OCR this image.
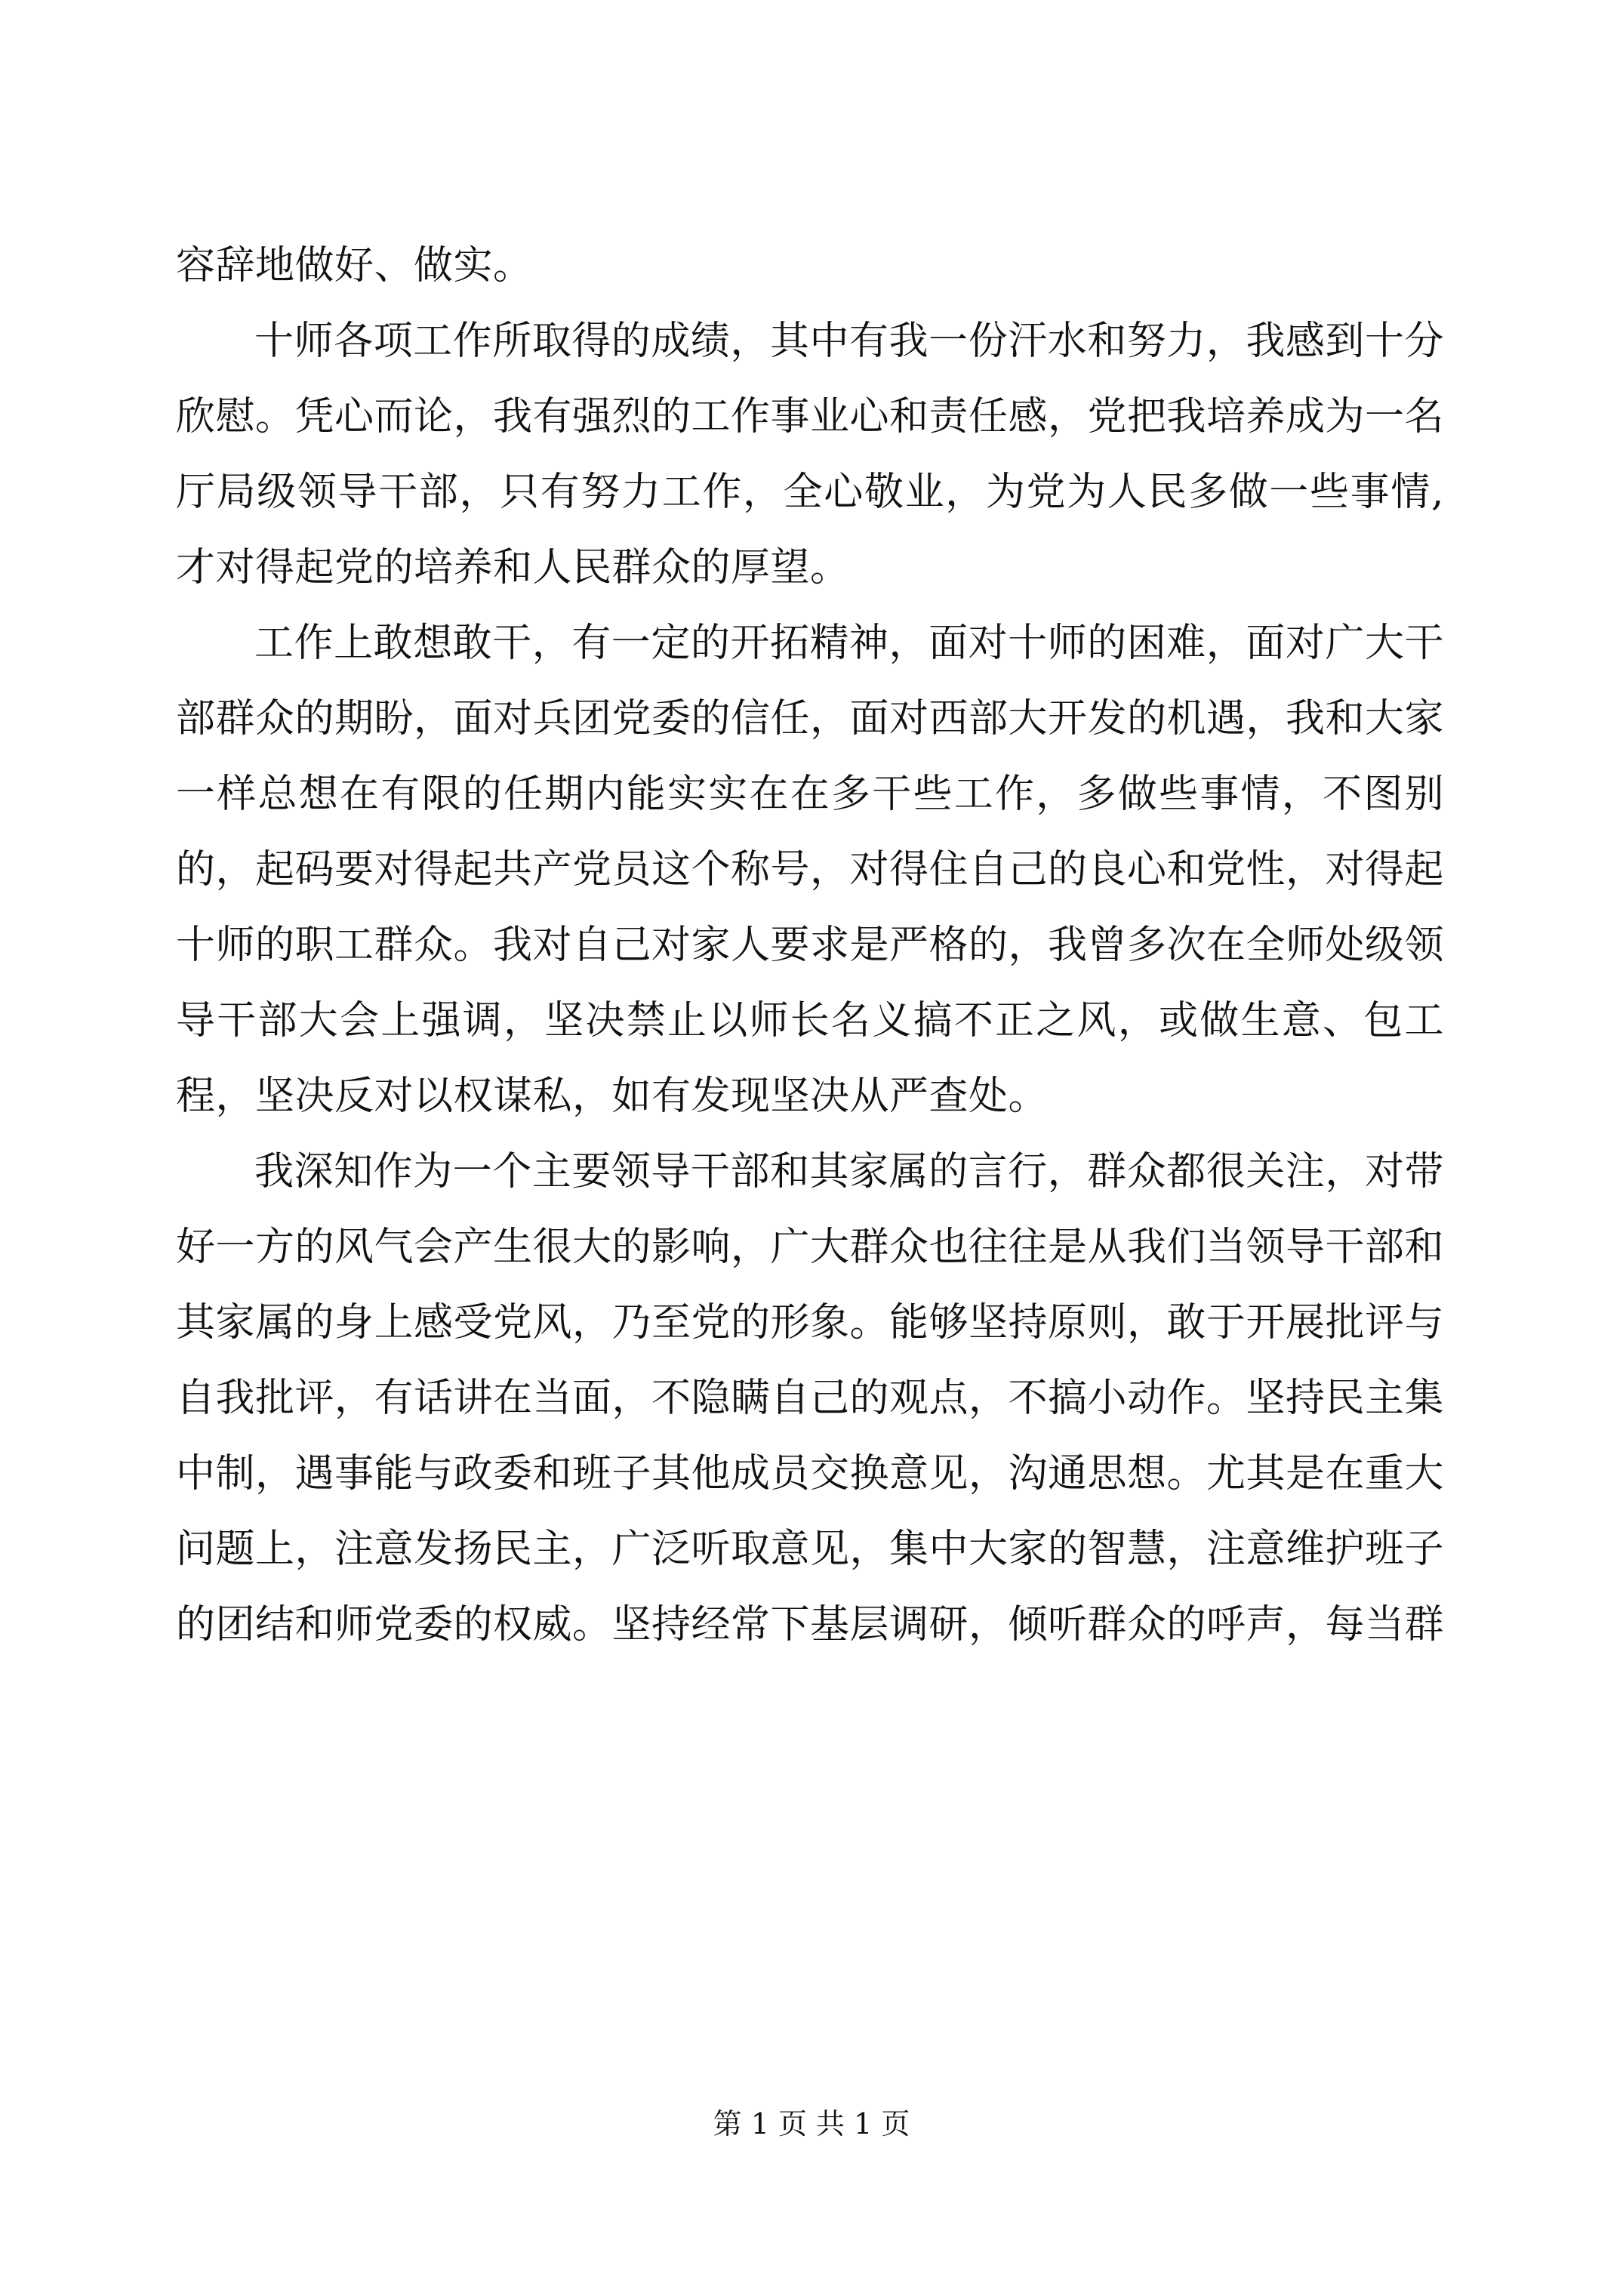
容辞地做好、做实。

十师各项工作所取得的成绩，其中有我一份汗水和努力，我感到十分欣慰。凭心而论，我有强烈的工作事业心和责任感，党把我培养成为一名厅局级领导干部，只有努力工作，全心敬业，为党为人民多做一些事情,才对得起党的培养和人民群众的厚望。

工作上敢想敢干，有一定的开拓精神，面对十师的困难，面对广大干部群众的期盼，面对兵团党委的信任，面对西部大开发的机遇，我和大家一样总想在有限的任期内能实实在在多干些工作，多做些事情，不图别的，起码要对得起共产党员这个称号，对得住自己的良心和党性，对得起十师的职工群众。我对自己对家人要求是严格的，我曾多次在全师处级领导干部大会上强调，坚决禁止以师长名义搞不正之风，或做生意、包工程，坚决反对以权谋私，如有发现坚决从严查处。

我深知作为一个主要领导干部和其家属的言行，群众都很关注，对带好一方的风气会产生很大的影响，广大群众也往往是从我们当领导干部和其家属的身上感受党风，乃至党的形象。能够坚持原则，敢于开展批评与自我批评，有话讲在当面，不隐瞒自己的观点，不搞小动作。坚持民主集中制，遇事能与政委和班子其他成员交换意见，沟通思想。尤其是在重大问题上，注意发扬民主，广泛听取意见，集中大家的智慧，注意维护班子的团结和师党委的权威。坚持经常下基层调研，倾听群众的呼声，每当群

第 1 页 共 1 页
